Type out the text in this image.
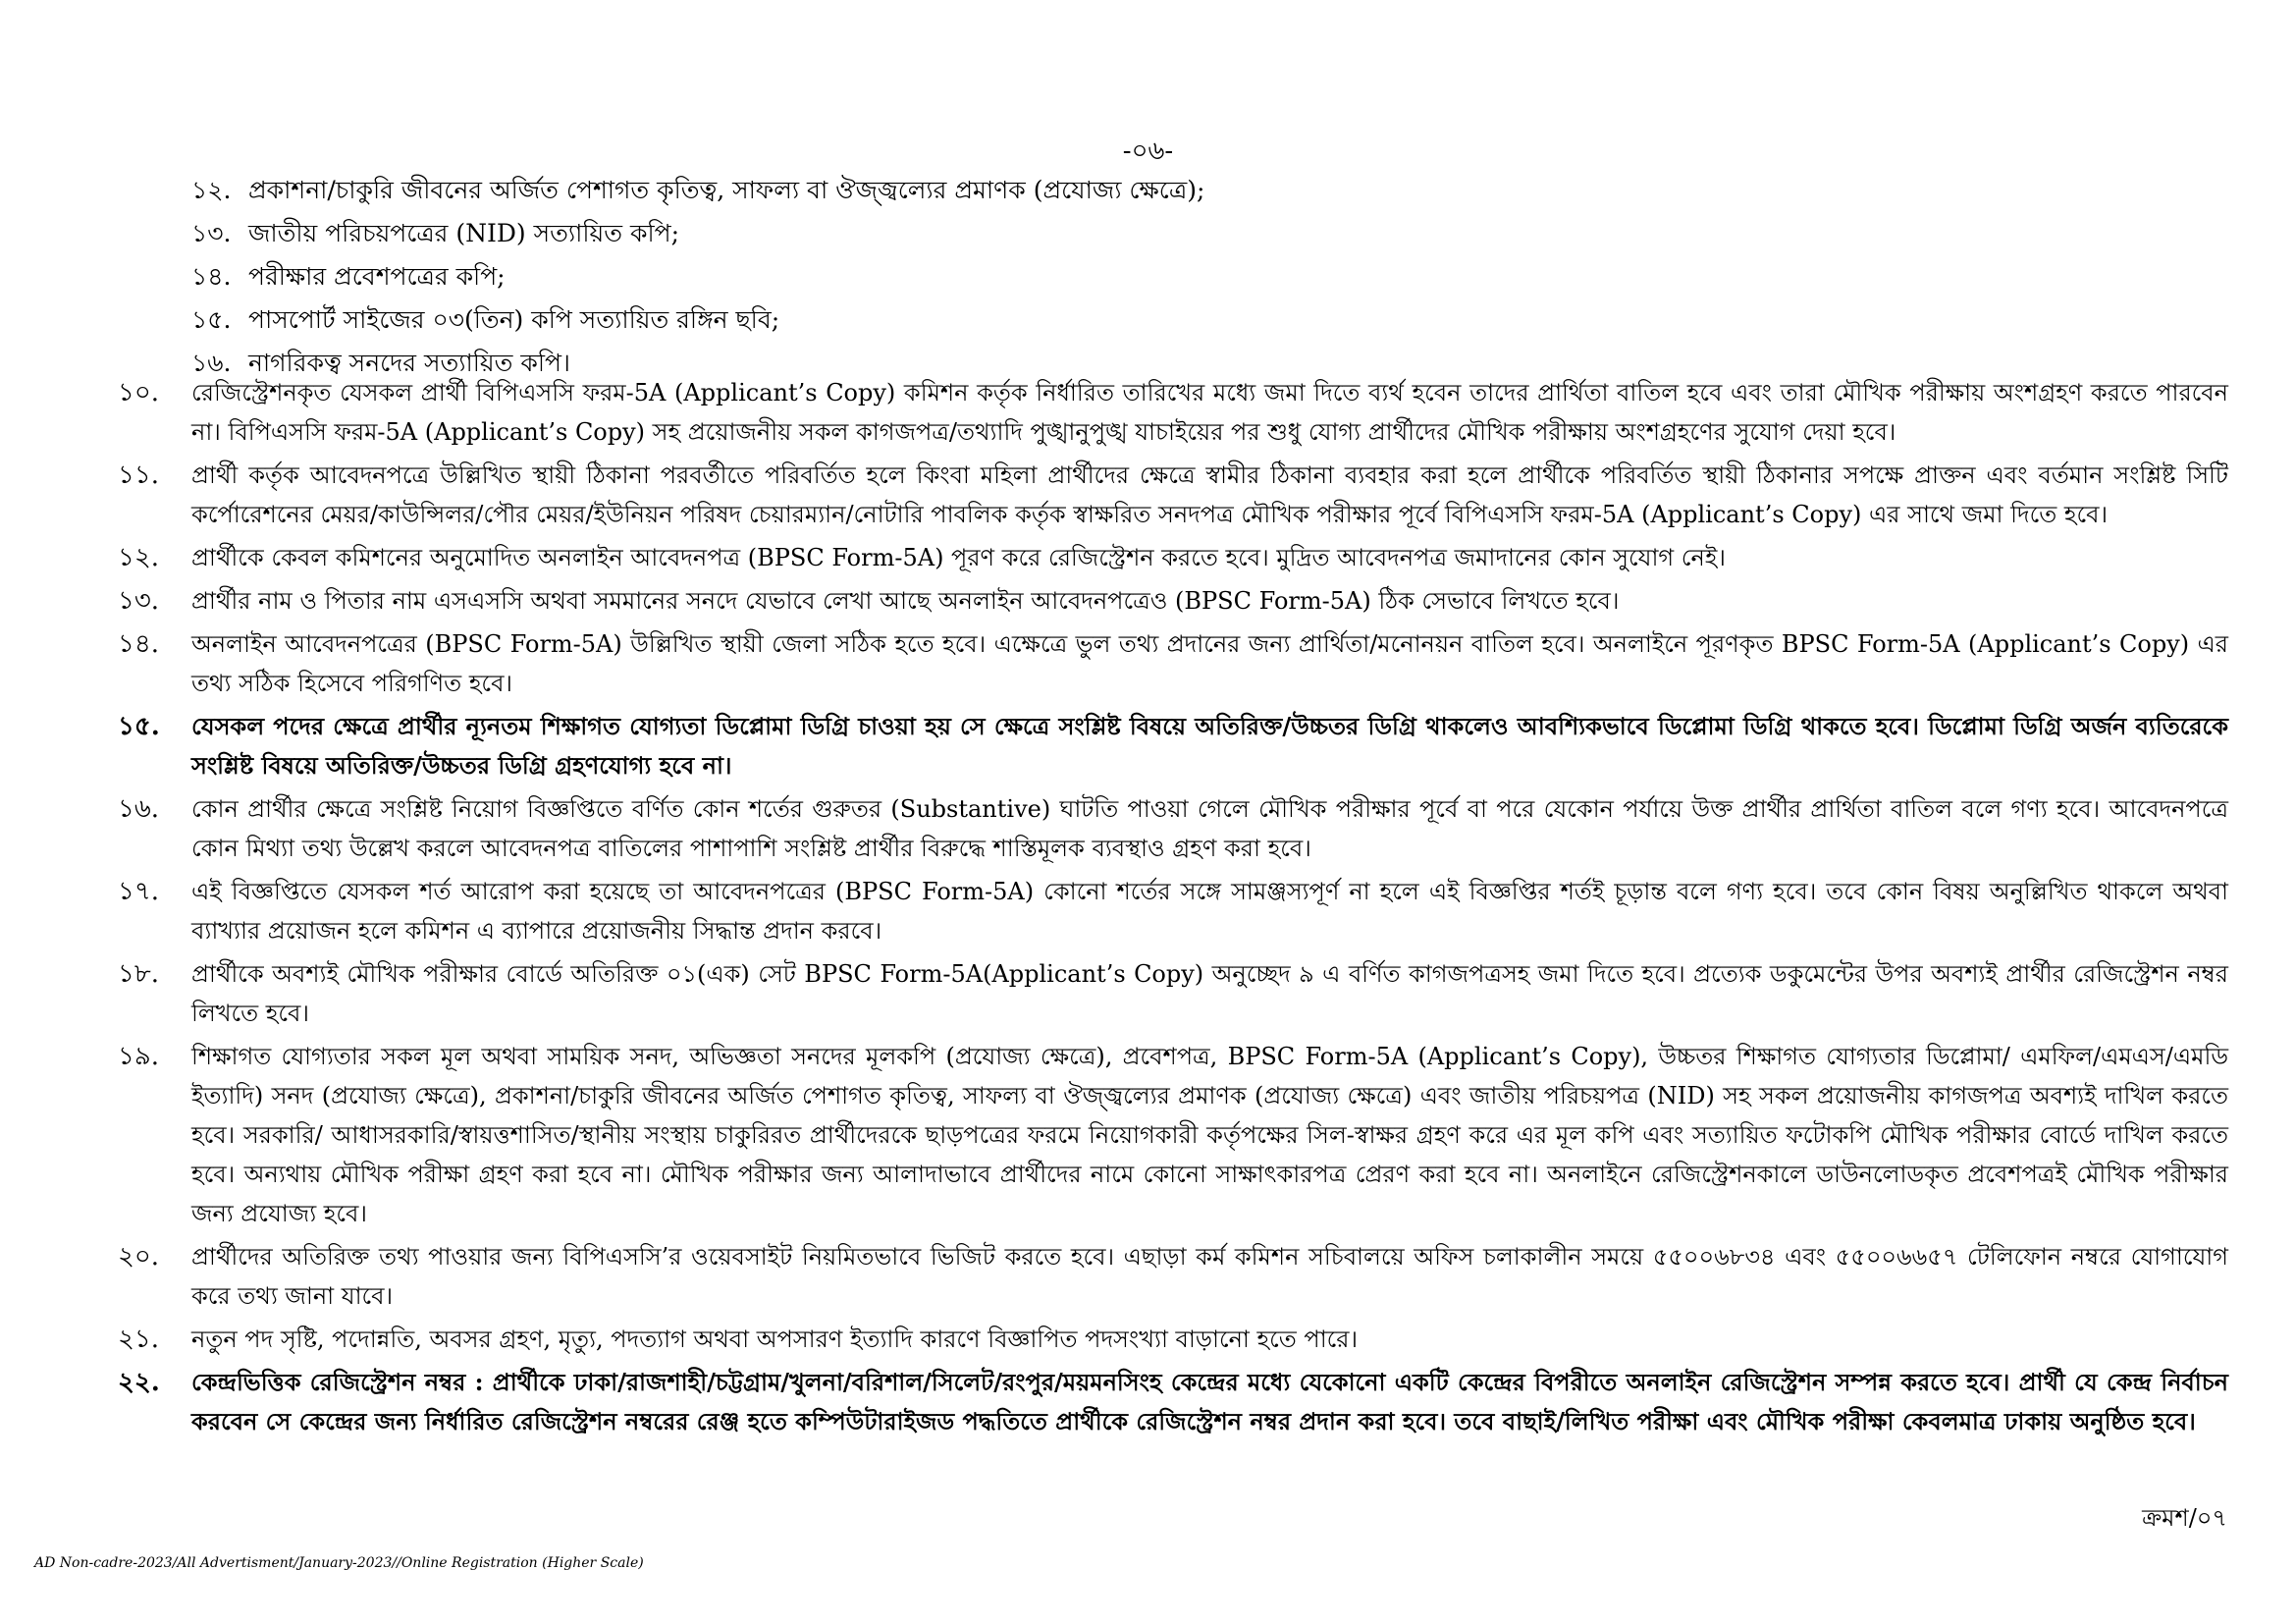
-০৬-
১২. প্রকাশনা/চাকুরি জীবনের অর্জিত পেশাগত কৃতিত্ব, সাফল্য বা ঔজ্জ্বল্যের প্রমাণক (প্রযোজ্য ক্ষেত্রে);
১৩. জাতীয় পরিচয়পত্রের (NID) সত্যায়িত কপি;
১৪. পরীক্ষার প্রবেশপত্রের কপি;
১৫. পাসপোর্ট সাইজের ০৩(তিন) কপি সত্যায়িত রঙ্গিন ছবি;
১৬. নাগরিকত্ব সনদের সত্যায়িত কপি।
১০.	রেজিস্ট্রেশনকৃত যেসকল প্রার্থী বিপিএসসি ফরম-5A (Applicant’s Copy) কমিশন কর্তৃক নির্ধারিত তারিখের মধ্যে জমা দিতে ব্যর্থ হবেন তাদের প্রার্থিতা বাতিল হবে এবং তারা মৌখিক পরীক্ষায় অংশগ্রহণ করতে পারবেন না। বিপিএসসি ফরম-5A (Applicant’s Copy) সহ প্রয়োজনীয় সকল কাগজপত্র/তথ্যাদি পুঙ্খানুপুঙ্খ যাচাইয়ের পর শুধু যোগ্য প্রার্থীদের মৌখিক পরীক্ষায় অংশগ্রহণের সুযোগ দেয়া হবে।
১১.	প্রার্থী কর্তৃক আবেদনপত্রে উল্লিখিত স্থায়ী ঠিকানা পরবর্তীতে পরিবর্তিত হলে কিংবা মহিলা প্রার্থীদের ক্ষেত্রে স্বামীর ঠিকানা ব্যবহার করা হলে প্রার্থীকে পরিবর্তিত স্থায়ী ঠিকানার সপক্ষে প্রাক্তন এবং বর্তমান সংশ্লিষ্ট সিটি কর্পোরেশনের মেয়র/কাউন্সিলর/পৌর মেয়র/ইউনিয়ন পরিষদ চেয়ারম্যান/নোটারি পাবলিক কর্তৃক স্বাক্ষরিত সনদপত্র মৌখিক পরীক্ষার পূর্বে বিপিএসসি ফরম-5A (Applicant’s Copy) এর সাথে জমা দিতে হবে।
১২.	প্রার্থীকে কেবল কমিশনের অনুমোদিত অনলাইন আবেদনপত্র (BPSC Form-5A) পূরণ করে রেজিস্ট্রেশন করতে হবে। মুদ্রিত আবেদনপত্র জমাদানের কোন সুযোগ নেই।
১৩.	প্রার্থীর নাম ও পিতার নাম এসএসসি অথবা সমমানের সনদে যেভাবে লেখা আছে অনলাইন আবেদনপত্রেও (BPSC Form-5A) ঠিক সেভাবে লিখতে হবে।
১৪.	অনলাইন আবেদনপত্রের (BPSC Form-5A) উল্লিখিত স্থায়ী জেলা সঠিক হতে হবে। এক্ষেত্রে ভুল তথ্য প্রদানের জন্য প্রার্থিতা/মনোনয়ন বাতিল হবে। অনলাইনে পূরণকৃত BPSC Form-5A (Applicant’s Copy) এর তথ্য সঠিক হিসেবে পরিগণিত হবে।
১৫.	যেসকল পদের ক্ষেত্রে প্রার্থীর ন্যূনতম শিক্ষাগত যোগ্যতা ডিপ্লোমা ডিগ্রি চাওয়া হয় সে ক্ষেত্রে সংশ্লিষ্ট বিষয়ে অতিরিক্ত/উচ্চতর ডিগ্রি থাকলেও আবশ্যিকভাবে ডিপ্লোমা ডিগ্রি থাকতে হবে। ডিপ্লোমা ডিগ্রি অর্জন ব্যতিরেকে সংশ্লিষ্ট বিষয়ে অতিরিক্ত/উচ্চতর ডিগ্রি গ্রহণযোগ্য হবে না।
১৬.	কোন প্রার্থীর ক্ষেত্রে সংশ্লিষ্ট নিয়োগ বিজ্ঞপ্তিতে বর্ণিত কোন শর্তের গুরুতর (Substantive) ঘাটতি পাওয়া গেলে মৌখিক পরীক্ষার পূর্বে বা পরে যেকোন পর্যায়ে উক্ত প্রার্থীর প্রার্থিতা বাতিল বলে গণ্য হবে। আবেদনপত্রে কোন মিথ্যা তথ্য উল্লেখ করলে আবেদনপত্র বাতিলের পাশাপাশি সংশ্লিষ্ট প্রার্থীর বিরুদ্ধে শাস্তিমূলক ব্যবস্থাও গ্রহণ করা হবে।
১৭.	এই বিজ্ঞপ্তিতে যেসকল শর্ত আরোপ করা হয়েছে তা আবেদনপত্রের (BPSC Form-5A) কোনো শর্তের সঙ্গে সামঞ্জস্যপূর্ণ না হলে এই বিজ্ঞপ্তির শর্তই চূড়ান্ত বলে গণ্য হবে। তবে কোন বিষয় অনুল্লিখিত থাকলে অথবা ব্যাখ্যার প্রয়োজন হলে কমিশন এ ব্যাপারে প্রয়োজনীয় সিদ্ধান্ত প্রদান করবে।
১৮.	প্রার্থীকে অবশ্যই মৌখিক পরীক্ষার বোর্ডে অতিরিক্ত ০১(এক) সেট BPSC Form-5A(Applicant’s Copy) অনুচ্ছেদ ৯ এ বর্ণিত কাগজপত্রসহ জমা দিতে হবে। প্রত্যেক ডকুমেন্টের উপর অবশ্যই প্রার্থীর রেজিস্ট্রেশন নম্বর লিখতে হবে।
১৯.	শিক্ষাগত যোগ্যতার সকল মূল অথবা সাময়িক সনদ, অভিজ্ঞতা সনদের মূলকপি (প্রযোজ্য ক্ষেত্রে), প্রবেশপত্র, BPSC Form-5A (Applicant’s Copy), উচ্চতর শিক্ষাগত যোগ্যতার ডিপ্লোমা/ এমফিল/এমএস/এমডি ইত্যাদি) সনদ (প্রযোজ্য ক্ষেত্রে), প্রকাশনা/চাকুরি জীবনের অর্জিত পেশাগত কৃতিত্ব, সাফল্য বা ঔজ্জ্বল্যের প্রমাণক (প্রযোজ্য ক্ষেত্রে) এবং জাতীয় পরিচয়পত্র (NID) সহ সকল প্রয়োজনীয় কাগজপত্র অবশ্যই দাখিল করতে হবে। সরকারি/ আধাসরকারি/স্বায়ত্তশাসিত/স্থানীয় সংস্থায় চাকুরিরত প্রার্থীদেরকে ছাড়পত্রের ফরমে নিয়োগকারী কর্তৃপক্ষের সিল-স্বাক্ষর গ্রহণ করে এর মূল কপি এবং সত্যায়িত ফটোকপি মৌখিক পরীক্ষার বোর্ডে দাখিল করতে হবে। অন্যথায় মৌখিক পরীক্ষা গ্রহণ করা হবে না। মৌখিক পরীক্ষার জন্য আলাদাভাবে প্রার্থীদের নামে কোনো সাক্ষাৎকারপত্র প্রেরণ করা হবে না। অনলাইনে রেজিস্ট্রেশনকালে ডাউনলোডকৃত প্রবেশপত্রই মৌখিক পরীক্ষার জন্য প্রযোজ্য হবে।
২০.	প্রার্থীদের অতিরিক্ত তথ্য পাওয়ার জন্য বিপিএসসি’র ওয়েবসাইট নিয়মিতভাবে ভিজিট করতে হবে। এছাড়া কর্ম কমিশন সচিবালয়ে অফিস চলাকালীন সময়ে ৫৫০০৬৮৩৪ এবং ৫৫০০৬৬৫৭ টেলিফোন নম্বরে যোগাযোগ করে তথ্য জানা যাবে।
২১.	নতুন পদ সৃষ্টি, পদোন্নতি, অবসর গ্রহণ, মৃত্যু, পদত্যাগ অথবা অপসারণ ইত্যাদি কারণে বিজ্ঞাপিত পদসংখ্যা বাড়ানো হতে পারে।
২২.	কেন্দ্রভিত্তিক রেজিস্ট্রেশন নম্বর : প্রার্থীকে ঢাকা/রাজশাহী/চট্টগ্রাম/খুলনা/বরিশাল/সিলেট/রংপুর/ময়মনসিংহ কেন্দ্রের মধ্যে যেকোনো একটি কেন্দ্রের বিপরীতে অনলাইন রেজিস্ট্রেশন সম্পন্ন করতে হবে। প্রার্থী যে কেন্দ্র নির্বাচন করবেন সে কেন্দ্রের জন্য নির্ধারিত রেজিস্ট্রেশন নম্বরের রেঞ্জ হতে কম্পিউটারাইজড পদ্ধতিতে প্রার্থীকে রেজিস্ট্রেশন নম্বর প্রদান করা হবে। তবে বাছাই/লিখিত পরীক্ষা এবং মৌখিক পরীক্ষা কেবলমাত্র ঢাকায় অনুষ্ঠিত হবে।
ক্রমশ/০৭
AD Non-cadre-2023/All Advertisment/January-2023//Online Registration (Higher Scale)
